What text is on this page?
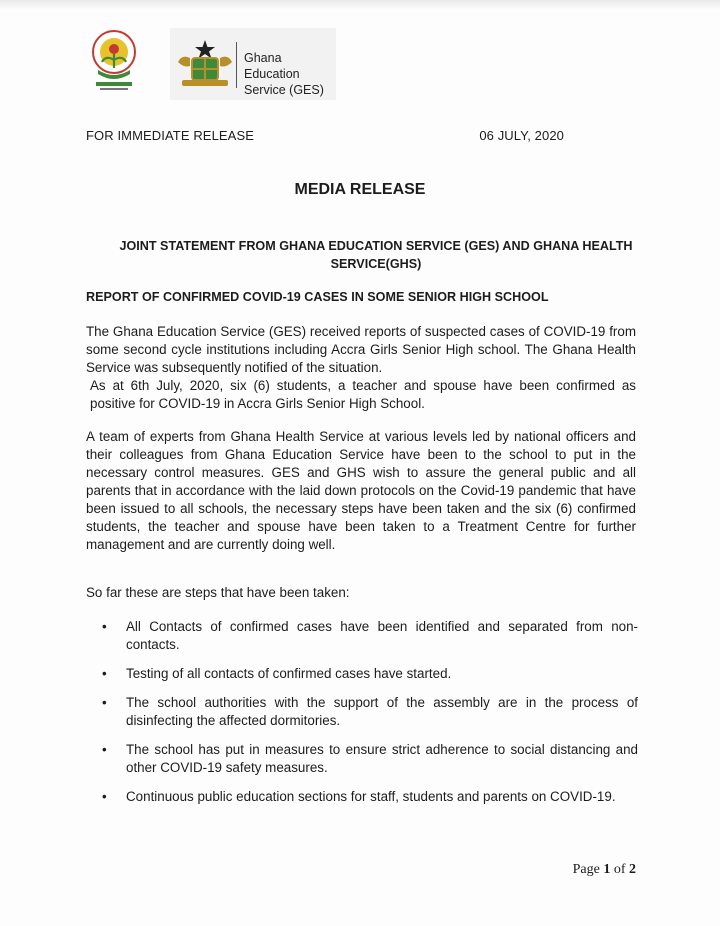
Ghana Education Service (GES)
FOR IMMEDIATE RELEASE	06 JULY, 2020
MEDIA RELEASE
JOINT STATEMENT FROM GHANA EDUCATION SERVICE (GES) AND GHANA HEALTH SERVICE(GHS)
REPORT OF CONFIRMED COVID-19 CASES IN SOME SENIOR HIGH SCHOOL
The Ghana Education Service (GES) received reports of suspected cases of COVID-19 from some second cycle institutions including Accra Girls Senior High school. The Ghana Health Service was subsequently notified of the situation.
As at 6th July, 2020, six (6) students, a teacher and spouse have been confirmed as positive for COVID-19 in Accra Girls Senior High School.

A team of experts from Ghana Health Service at various levels led by national officers and their colleagues from Ghana Education Service have been to the school to put in the necessary control measures. GES and GHS wish to assure the general public and all parents that in accordance with the laid down protocols on the Covid-19 pandemic that have been issued to all schools, the necessary steps have been taken and the six (6) confirmed students, the teacher and spouse have been taken to a Treatment Centre for further management and are currently doing well.

So far these are steps that have been taken:

• All Contacts of confirmed cases have been identified and separated from non-contacts.
• Testing of all contacts of confirmed cases have started.
• The school authorities with the support of the assembly are in the process of disinfecting the affected dormitories.
• The school has put in measures to ensure strict adherence to social distancing and other COVID-19 safety measures.
• Continuous public education sections for staff, students and parents on COVID-19.
Page 1 of 2
